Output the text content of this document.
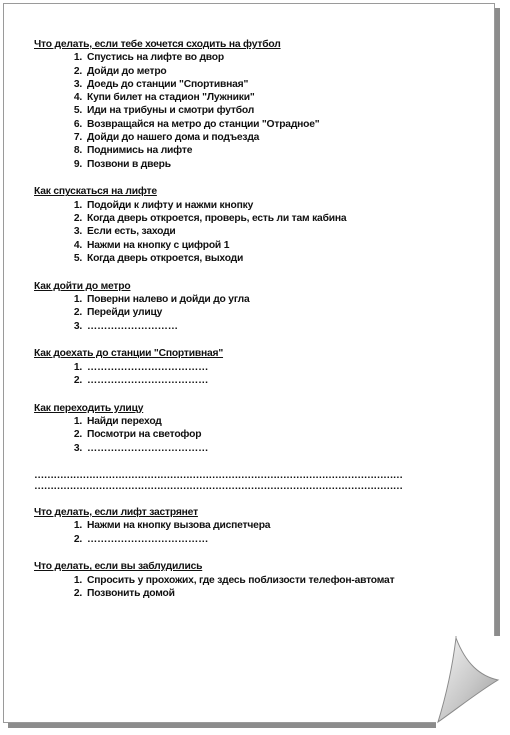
Что делать, если тебе хочется сходить на футбол
1. Спустись на лифте во двор
2. Дойди до метро
3. Доедь до станции "Спортивная"
4. Купи билет на стадион "Лужники"
5. Иди на трибуны и смотри футбол
6. Возвращайся на метро до станции "Отрадное"
7. Дойди до нашего дома и подъезда
8. Поднимись на лифте
9. Позвони в дверь
Как спускаться на лифте
1. Подойди к лифту и нажми кнопку
2. Когда дверь откроется, проверь, есть ли там кабина
3. Если есть, заходи
4. Нажми на кнопку с цифрой 1
5. Когда дверь откроется, выходи
Как дойти до метро
1. Поверни налево и дойди до угла
2. Перейди улицу
3. ………………………
Как доехать до станции "Спортивная"
1. ………………………………
2. ………………………………
Как переходить улицу
1. Найди переход
2. Посмотри на светофор
3. ………………………………
……………………………………………………………………………………………………
……………………………………………………………………………………………………
Что делать, если лифт застрянет
1. Нажми на кнопку вызова диспетчера
2. ………………………………
Что делать, если вы заблудились
1. Спросить у прохожих, где здесь поблизости телефон-автомат
2. Позвонить домой
